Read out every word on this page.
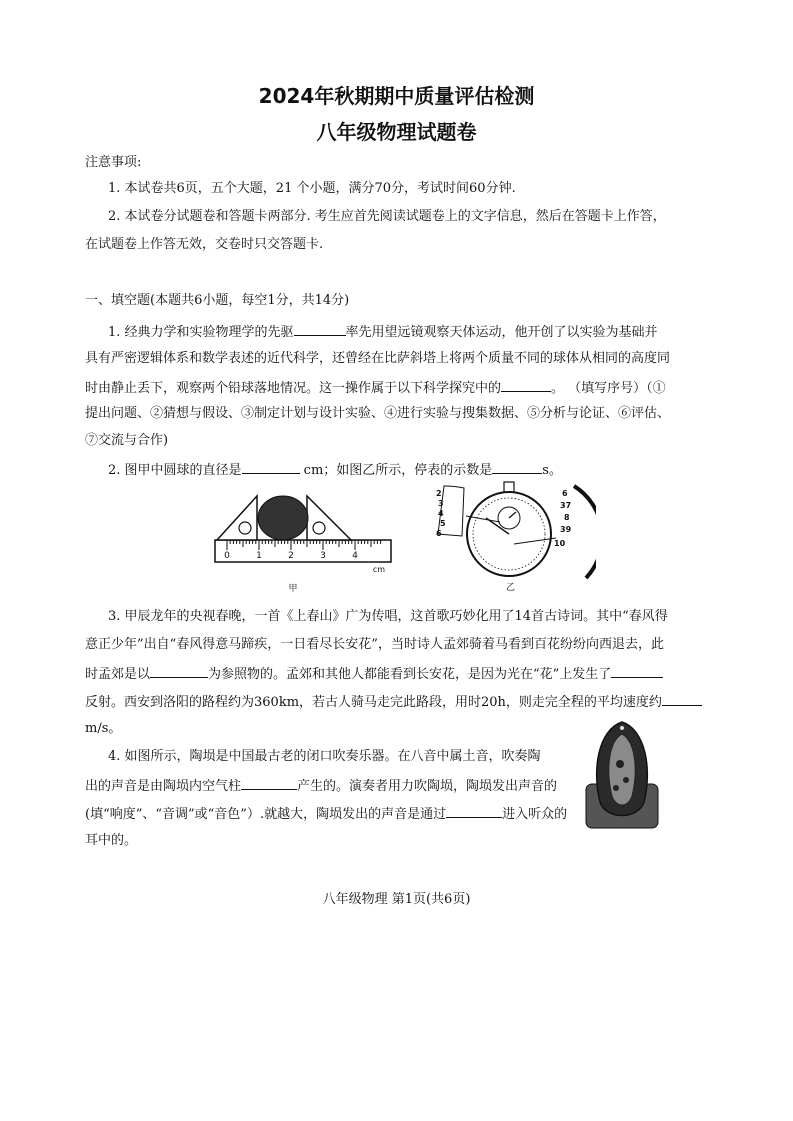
2024年秋期期中质量评估检测
八年级物理试题卷
注意事项:
1. 本试卷共6页，五个大题，21 个小题，满分70分，考试时间60分钟.
2. 本试卷分试题卷和答题卡两部分. 考生应首先阅读试题卷上的文字信息，然后在答题卡上作答，
在试题卷上作答无效，交卷时只交答题卡.
一、填空题(本题共6小题，每空1分，共14分)
1. 经典力学和实验物理学的先驱	率先用望远镜观察天体运动，他开创了以实验为基础并
具有严密逻辑体系和数学表述的近代科学，还曾经在比萨斜塔上将两个质量不同的球体从相同的高度同
时由静止丢下，观察两个铅球落地情况。这一操作属于以下科学探究中的	。 （填写序号）（①
提出问题、②猜想与假设、③制定计划与设计实验、④进行实验与搜集数据、⑤分析与论证、⑥评估、
⑦交流与合作)
2. 图甲中圆球的直径是	cm；如图乙所示，停表的示数是	s。
0	1	2	3	4
cm
甲
2
3
4
5
6
6
37
8
39
10
乙
3. 甲辰龙年的央视春晚，一首《上春山》广为传唱，这首歌巧妙化用了14首古诗词。其中“春风得
意正少年”出自“春风得意马蹄疾，一日看尽长安花”，当时诗人孟郊骑着马看到百花纷纷向西退去，此
时孟郊是以	为参照物的。孟郊和其他人都能看到长安花，是因为光在“花”上发生了
反射。西安到洛阳的路程约为360km，若古人骑马走完此路段，用时20h，则走完全程的平均速度约
m/s。
4. 如图所示，陶埙是中国最古老的闭口吹奏乐器。在八音中属土音，吹奏陶
出的声音是由陶埙内空气柱	产生的。演奏者用力吹陶埙，陶埙发出声音的
(填“响度”、“音调”或“音色”）.就越大，陶埙发出的声音是通过	进入听众的
耳中的。
八年级物理 第1页(共6页)
